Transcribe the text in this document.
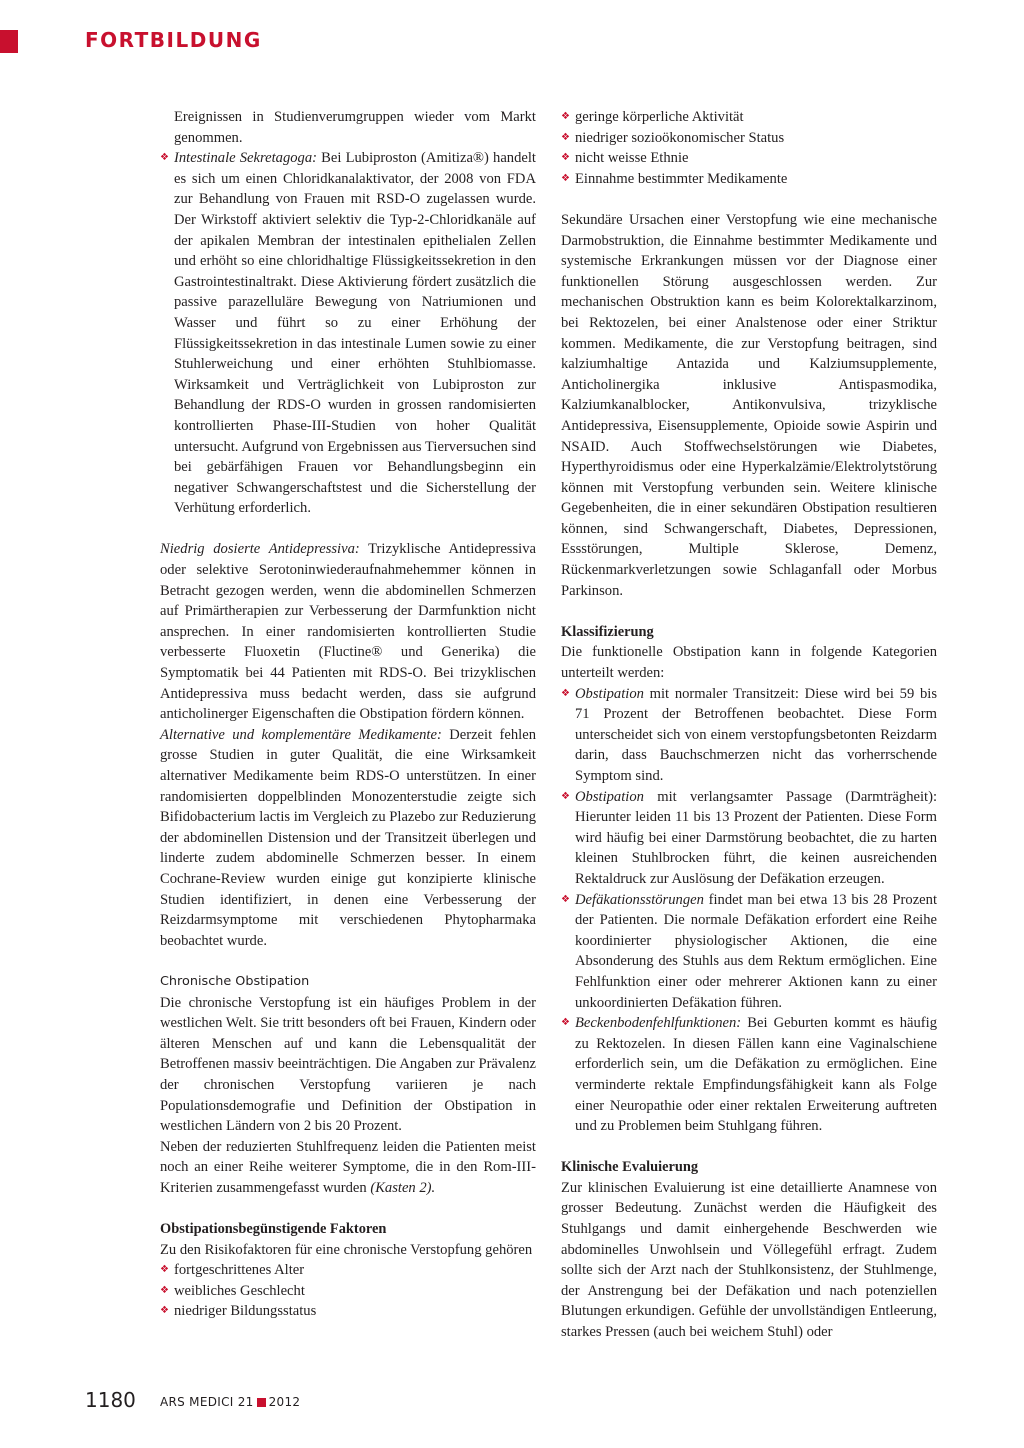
FORTBILDUNG

Ereignissen in Studienverumgruppen wieder vom Markt genommen.

❖ Intestinale Sekretagoga: Bei Lubiproston (Amitiza®) handelt es sich um einen Chloridkanalaktivator, der 2008 von FDA zur Behandlung von Frauen mit RSD-O zugelassen wurde. Der Wirkstoff aktiviert selektiv die Typ-2-Chloridkanäle auf der apikalen Membran der intestinalen epithelialen Zellen und erhöht so eine chloridhaltige Flüssigkeitssekretion in den Gastrointestinaltrakt. Diese Aktivierung fördert zusätzlich die passive parazelluläre Bewegung von Natriumionen und Wasser und führt so zu einer Erhöhung der Flüssigkeitssekretion in das intestinale Lumen sowie zu einer Stuhlerweichung und einer erhöhten Stuhlbiomasse. Wirksamkeit und Verträglichkeit von Lubiproston zur Behandlung der RDS-O wurden in grossen randomisierten kontrollierten Phase-III-Studien von hoher Qualität untersucht. Aufgrund von Ergebnissen aus Tierversuchen sind bei gebärfähigen Frauen vor Behandlungsbeginn ein negativer Schwangerschaftstest und die Sicherstellung der Verhütung erforderlich.

Niedrig dosierte Antidepressiva: Trizyklische Antidepressiva oder selektive Serotoninwiederaufnahmehemmer können in Betracht gezogen werden, wenn die abdominellen Schmerzen auf Primärtherapien zur Verbesserung der Darmfunktion nicht ansprechen. In einer randomisierten kontrollierten Studie verbesserte Fluoxetin (Fluctine® und Generika) die Symptomatik bei 44 Patienten mit RDS-O. Bei trizyklischen Antidepressiva muss bedacht werden, dass sie aufgrund anticholinerger Eigenschaften die Obstipation fördern können.

Alternative und komplementäre Medikamente: Derzeit fehlen grosse Studien in guter Qualität, die eine Wirksamkeit alternativer Medikamente beim RDS-O unterstützen. In einer randomisierten doppelblinden Monozenterstudie zeigte sich Bifidobacterium lactis im Vergleich zu Plazebo zur Reduzierung der abdominellen Distension und der Transitzeit überlegen und linderte zudem abdominelle Schmerzen besser. In einem Cochrane-Review wurden einige gut konzipierte klinische Studien identifiziert, in denen eine Verbesserung der Reizdarmsymptome mit verschiedenen Phytopharmaka beobachtet wurde.

Chronische Obstipation

Die chronische Verstopfung ist ein häufiges Problem in der westlichen Welt. Sie tritt besonders oft bei Frauen, Kindern oder älteren Menschen auf und kann die Lebensqualität der Betroffenen massiv beeinträchtigen. Die Angaben zur Prävalenz der chronischen Verstopfung variieren je nach Populationsdemografie und Definition der Obstipation in westlichen Ländern von 2 bis 20 Prozent.

Neben der reduzierten Stuhlfrequenz leiden die Patienten meist noch an einer Reihe weiterer Symptome, die in den Rom-III-Kriterien zusammengefasst wurden (Kasten 2).

Obstipationsbegünstigende Faktoren

Zu den Risikofaktoren für eine chronische Verstopfung gehören

❖ fortgeschrittenes Alter

❖ weibliches Geschlecht

❖ niedriger Bildungsstatus

❖ geringe körperliche Aktivität

❖ niedriger sozioökonomischer Status

❖ nicht weisse Ethnie

❖ Einnahme bestimmter Medikamente

Sekundäre Ursachen einer Verstopfung wie eine mechanische Darmobstruktion, die Einnahme bestimmter Medikamente und systemische Erkrankungen müssen vor der Diagnose einer funktionellen Störung ausgeschlossen werden. Zur mechanischen Obstruktion kann es beim Kolorektalkarzinom, bei Rektozelen, bei einer Analstenose oder einer Striktur kommen. Medikamente, die zur Verstopfung beitragen, sind kalziumhaltige Antazida und Kalziumsupplemente, Anticholinergika inklusive Antispasmodika, Kalziumkanalblocker, Antikonvulsiva, trizyklische Antidepressiva, Eisensupplemente, Opioide sowie Aspirin und NSAID. Auch Stoffwechselstörungen wie Diabetes, Hyperthyroidismus oder eine Hyperkalzämie/Elektrolytstörung können mit Verstopfung verbunden sein. Weitere klinische Gegebenheiten, die in einer sekundären Obstipation resultieren können, sind Schwangerschaft, Diabetes, Depressionen, Essstörungen, Multiple Sklerose, Demenz, Rückenmarkverletzungen sowie Schlaganfall oder Morbus Parkinson.

Klassifizierung

Die funktionelle Obstipation kann in folgende Kategorien unterteilt werden:

❖ Obstipation mit normaler Transitzeit: Diese wird bei 59 bis 71 Prozent der Betroffenen beobachtet. Diese Form unterscheidet sich von einem verstopfungsbetonten Reizdarm darin, dass Bauchschmerzen nicht das vorherrschende Symptom sind.

❖ Obstipation mit verlangsamter Passage (Darmträgheit): Hierunter leiden 11 bis 13 Prozent der Patienten. Diese Form wird häufig bei einer Darmstörung beobachtet, die zu harten kleinen Stuhlbrocken führt, die keinen ausreichenden Rektaldruck zur Auslösung der Defäkation erzeugen.

❖ Defäkationsstörungen findet man bei etwa 13 bis 28 Prozent der Patienten. Die normale Defäkation erfordert eine Reihe koordinierter physiologischer Aktionen, die eine Absonderung des Stuhls aus dem Rektum ermöglichen. Eine Fehlfunktion einer oder mehrerer Aktionen kann zu einer unkoordinierten Defäkation führen.

❖ Beckenbodenfehlfunktionen: Bei Geburten kommt es häufig zu Rektozelen. In diesen Fällen kann eine Vaginalschiene erforderlich sein, um die Defäkation zu ermöglichen. Eine verminderte rektale Empfindungsfähigkeit kann als Folge einer Neuropathie oder einer rektalen Erweiterung auftreten und zu Problemen beim Stuhlgang führen.

Klinische Evaluierung

Zur klinischen Evaluierung ist eine detaillierte Anamnese von grosser Bedeutung. Zunächst werden die Häufigkeit des Stuhlgangs und damit einhergehende Beschwerden wie abdominelles Unwohlsein und Völlegefühl erfragt. Zudem sollte sich der Arzt nach der Stuhlkonsistenz, der Stuhlmenge, der Anstrengung bei der Defäkation und nach potenziellen Blutungen erkundigen. Gefühle der unvollständigen Entleerung, starkes Pressen (auch bei weichem Stuhl) oder

1180 ARS MEDICI 21 2012
